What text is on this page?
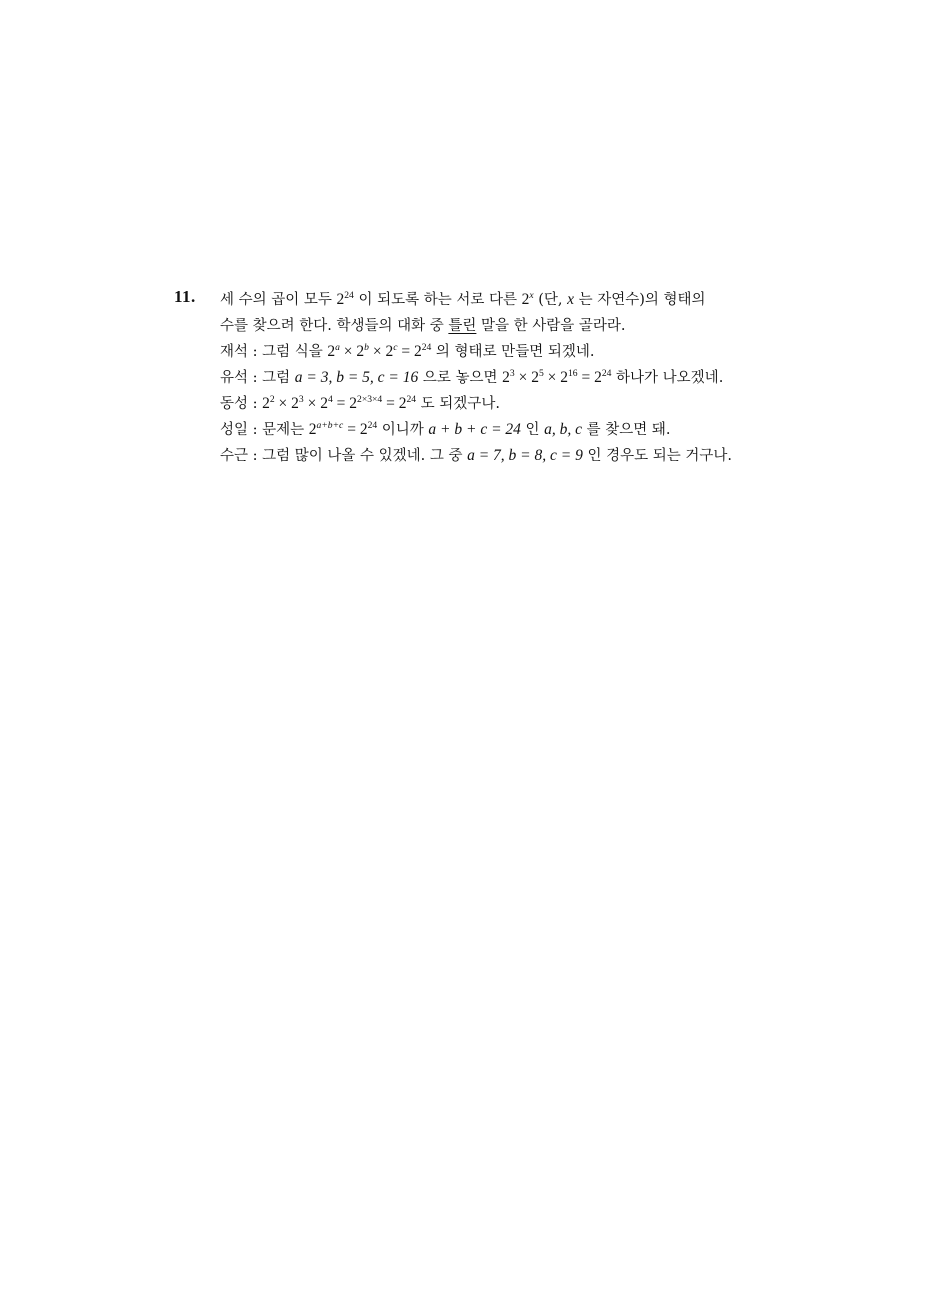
11. 세 수의 곱이 모두 $2^{24}$ 이 되도록 하는 서로 다른 2$^x$ (단, x 는 자연수)의 형태의
수를 찾으려 한다. 학생들의 대화 중 틀린 말을 한 사람을 골라라.
재석 : 그럼 식을 $2^a \times 2^b \times 2^c = 2^{24}$ 의 형태로 만들면 되겠네.
유석 : 그럼 a = 3, b = 5, c = 16 으로 놓으면 $2^3 \times 2^5 \times 2^{16} = 2^{24}$ 하나가 나오겠네.
동성 : $2^2 \times 2^3 \times 2^4 = 2^{2\times 3\times 4} = 2^{24}$ 도 되겠구나.
성일 : 문제는 $2^{a+b+c} = 2^{24}$ 이니까 a + b + c = 24 인 a, b, c 를 찾으면 돼.
수근 : 그럼 많이 나올 수 있겠네. 그 중 a = 7, b = 8, c = 9 인 경우도 되는 거구나.
